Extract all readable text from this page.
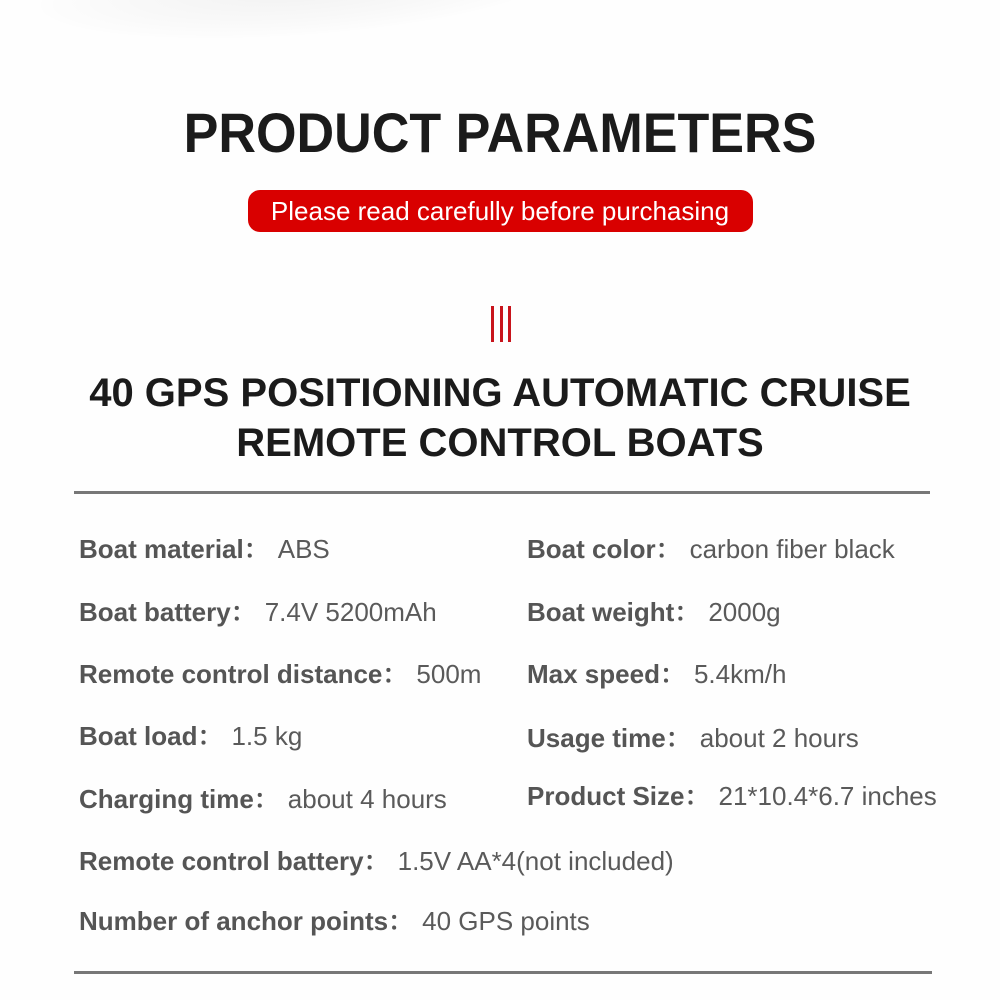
PRODUCT PARAMETERS
Please read carefully before purchasing
40 GPS POSITIONING AUTOMATIC CRUISE
REMOTE CONTROL BOATS
Boat material： ABS
Boat battery： 7.4V 5200mAh
Remote control distance： 500m
Boat load： 1.5 kg
Charging time： about 4 hours
Boat color： carbon fiber black
Boat weight： 2000g
Max speed： 5.4km/h
Usage time： about 2 hours
Product Size： 21*10.4*6.7 inches
Remote control battery： 1.5V AA*4(not included)
Number of anchor points： 40 GPS points
